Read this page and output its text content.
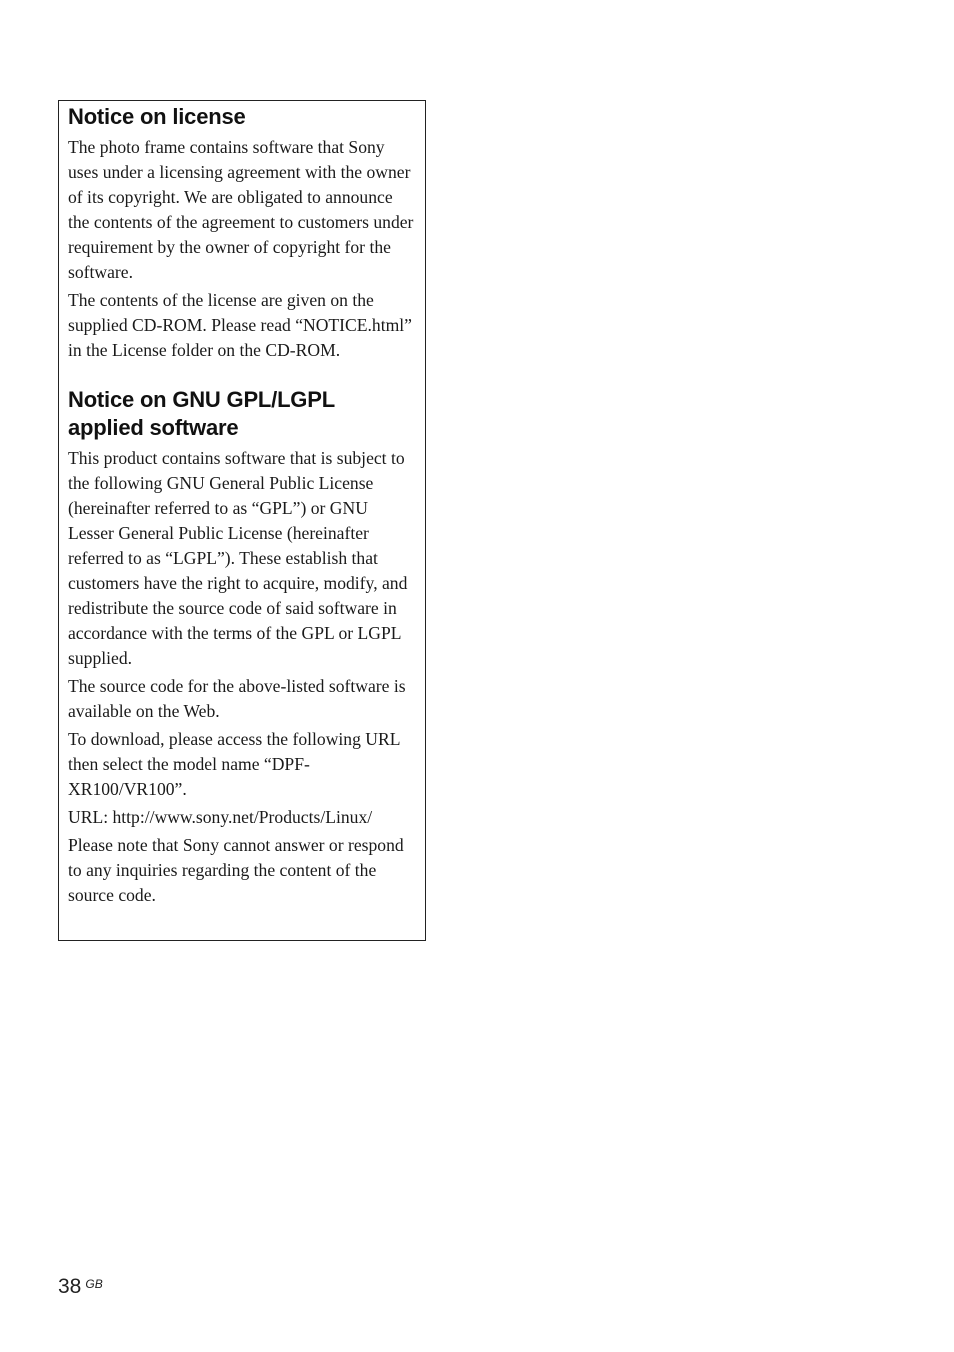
Notice on license

The photo frame contains software that Sony uses under a licensing agreement with the owner of its copyright. We are obligated to announce the contents of the agreement to customers under requirement by the owner of copyright for the software.

The contents of the license are given on the supplied CD-ROM. Please read “NOTICE.html” in the License folder on the CD-ROM.

Notice on GNU GPL/LGPL
applied software

This product contains software that is subject to the following GNU General Public License (hereinafter referred to as “GPL”) or GNU Lesser General Public License (hereinafter referred to as “LGPL”). These establish that customers have the right to acquire, modify, and redistribute the source code of said software in accordance with the terms of the GPL or LGPL supplied.

The source code for the above-listed software is available on the Web.

To download, please access the following URL then select the model name “DPF-XR100/VR100”.

URL: http://www.sony.net/Products/Linux/

Please note that Sony cannot answer or respond to any inquiries regarding the content of the source code.

38 $^{GB}$
